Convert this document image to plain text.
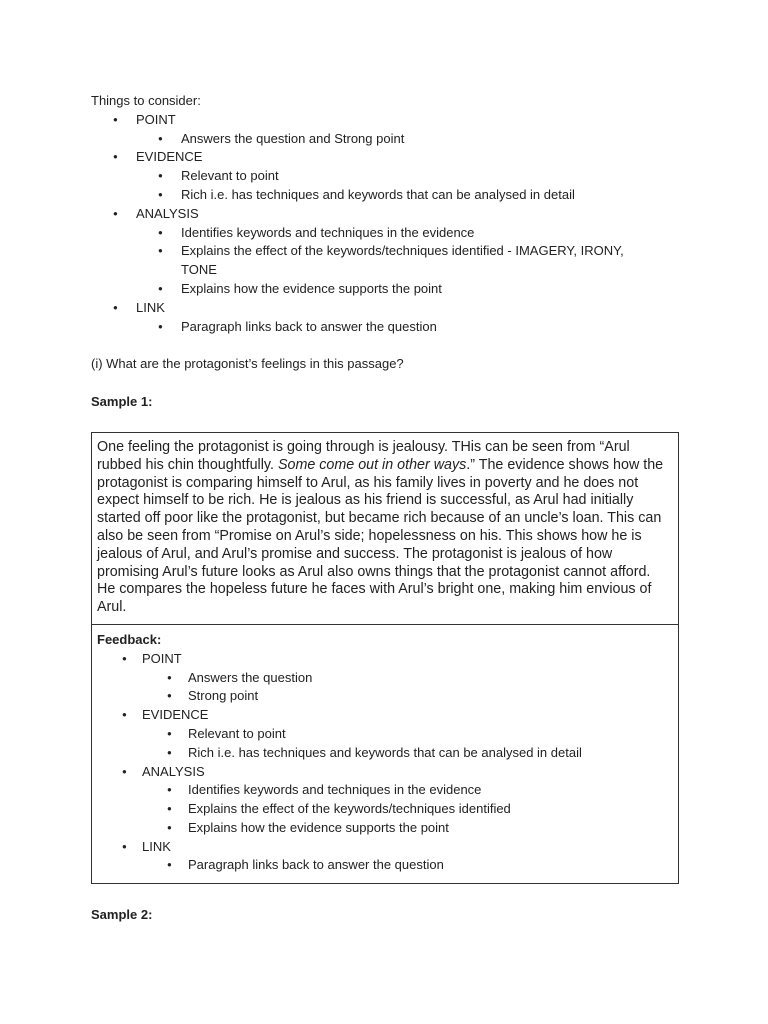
Things to consider:
● POINT
● Answers the question and Strong point
● EVIDENCE
● Relevant to point
● Rich i.e. has techniques and keywords that can be analysed in detail
● ANALYSIS
● Identifies keywords and techniques in the evidence
● Explains the effect of the keywords/techniques identified - IMAGERY, IRONY, TONE
● Explains how the evidence supports the point
● LINK
● Paragraph links back to answer the question
(i) What are the protagonist’s feelings in this passage?
Sample 1:
One feeling the protagonist is going through is jealousy. THis can be seen from “Arul rubbed his chin thoughtfully. Some come out in other ways.” The evidence shows how the protagonist is comparing himself to Arul, as his family lives in poverty and he does not expect himself to be rich. He is jealous as his friend is successful, as Arul had initially started off poor like the protagonist, but became rich because of an uncle’s loan. This can also be seen from “Promise on Arul’s side; hopelessness on his. This shows how he is jealous of Arul, and Arul’s promise and success. The protagonist is jealous of how promising Arul’s future looks as Arul also owns things that the protagonist cannot afford. He compares the hopeless future he faces with Arul’s bright one, making him envious of Arul.
Feedback:
● POINT
● Answers the question
● Strong point
● EVIDENCE
● Relevant to point
● Rich i.e. has techniques and keywords that can be analysed in detail
● ANALYSIS
● Identifies keywords and techniques in the evidence
● Explains the effect of the keywords/techniques identified
● Explains how the evidence supports the point
● LINK
● Paragraph links back to answer the question
Sample 2:
